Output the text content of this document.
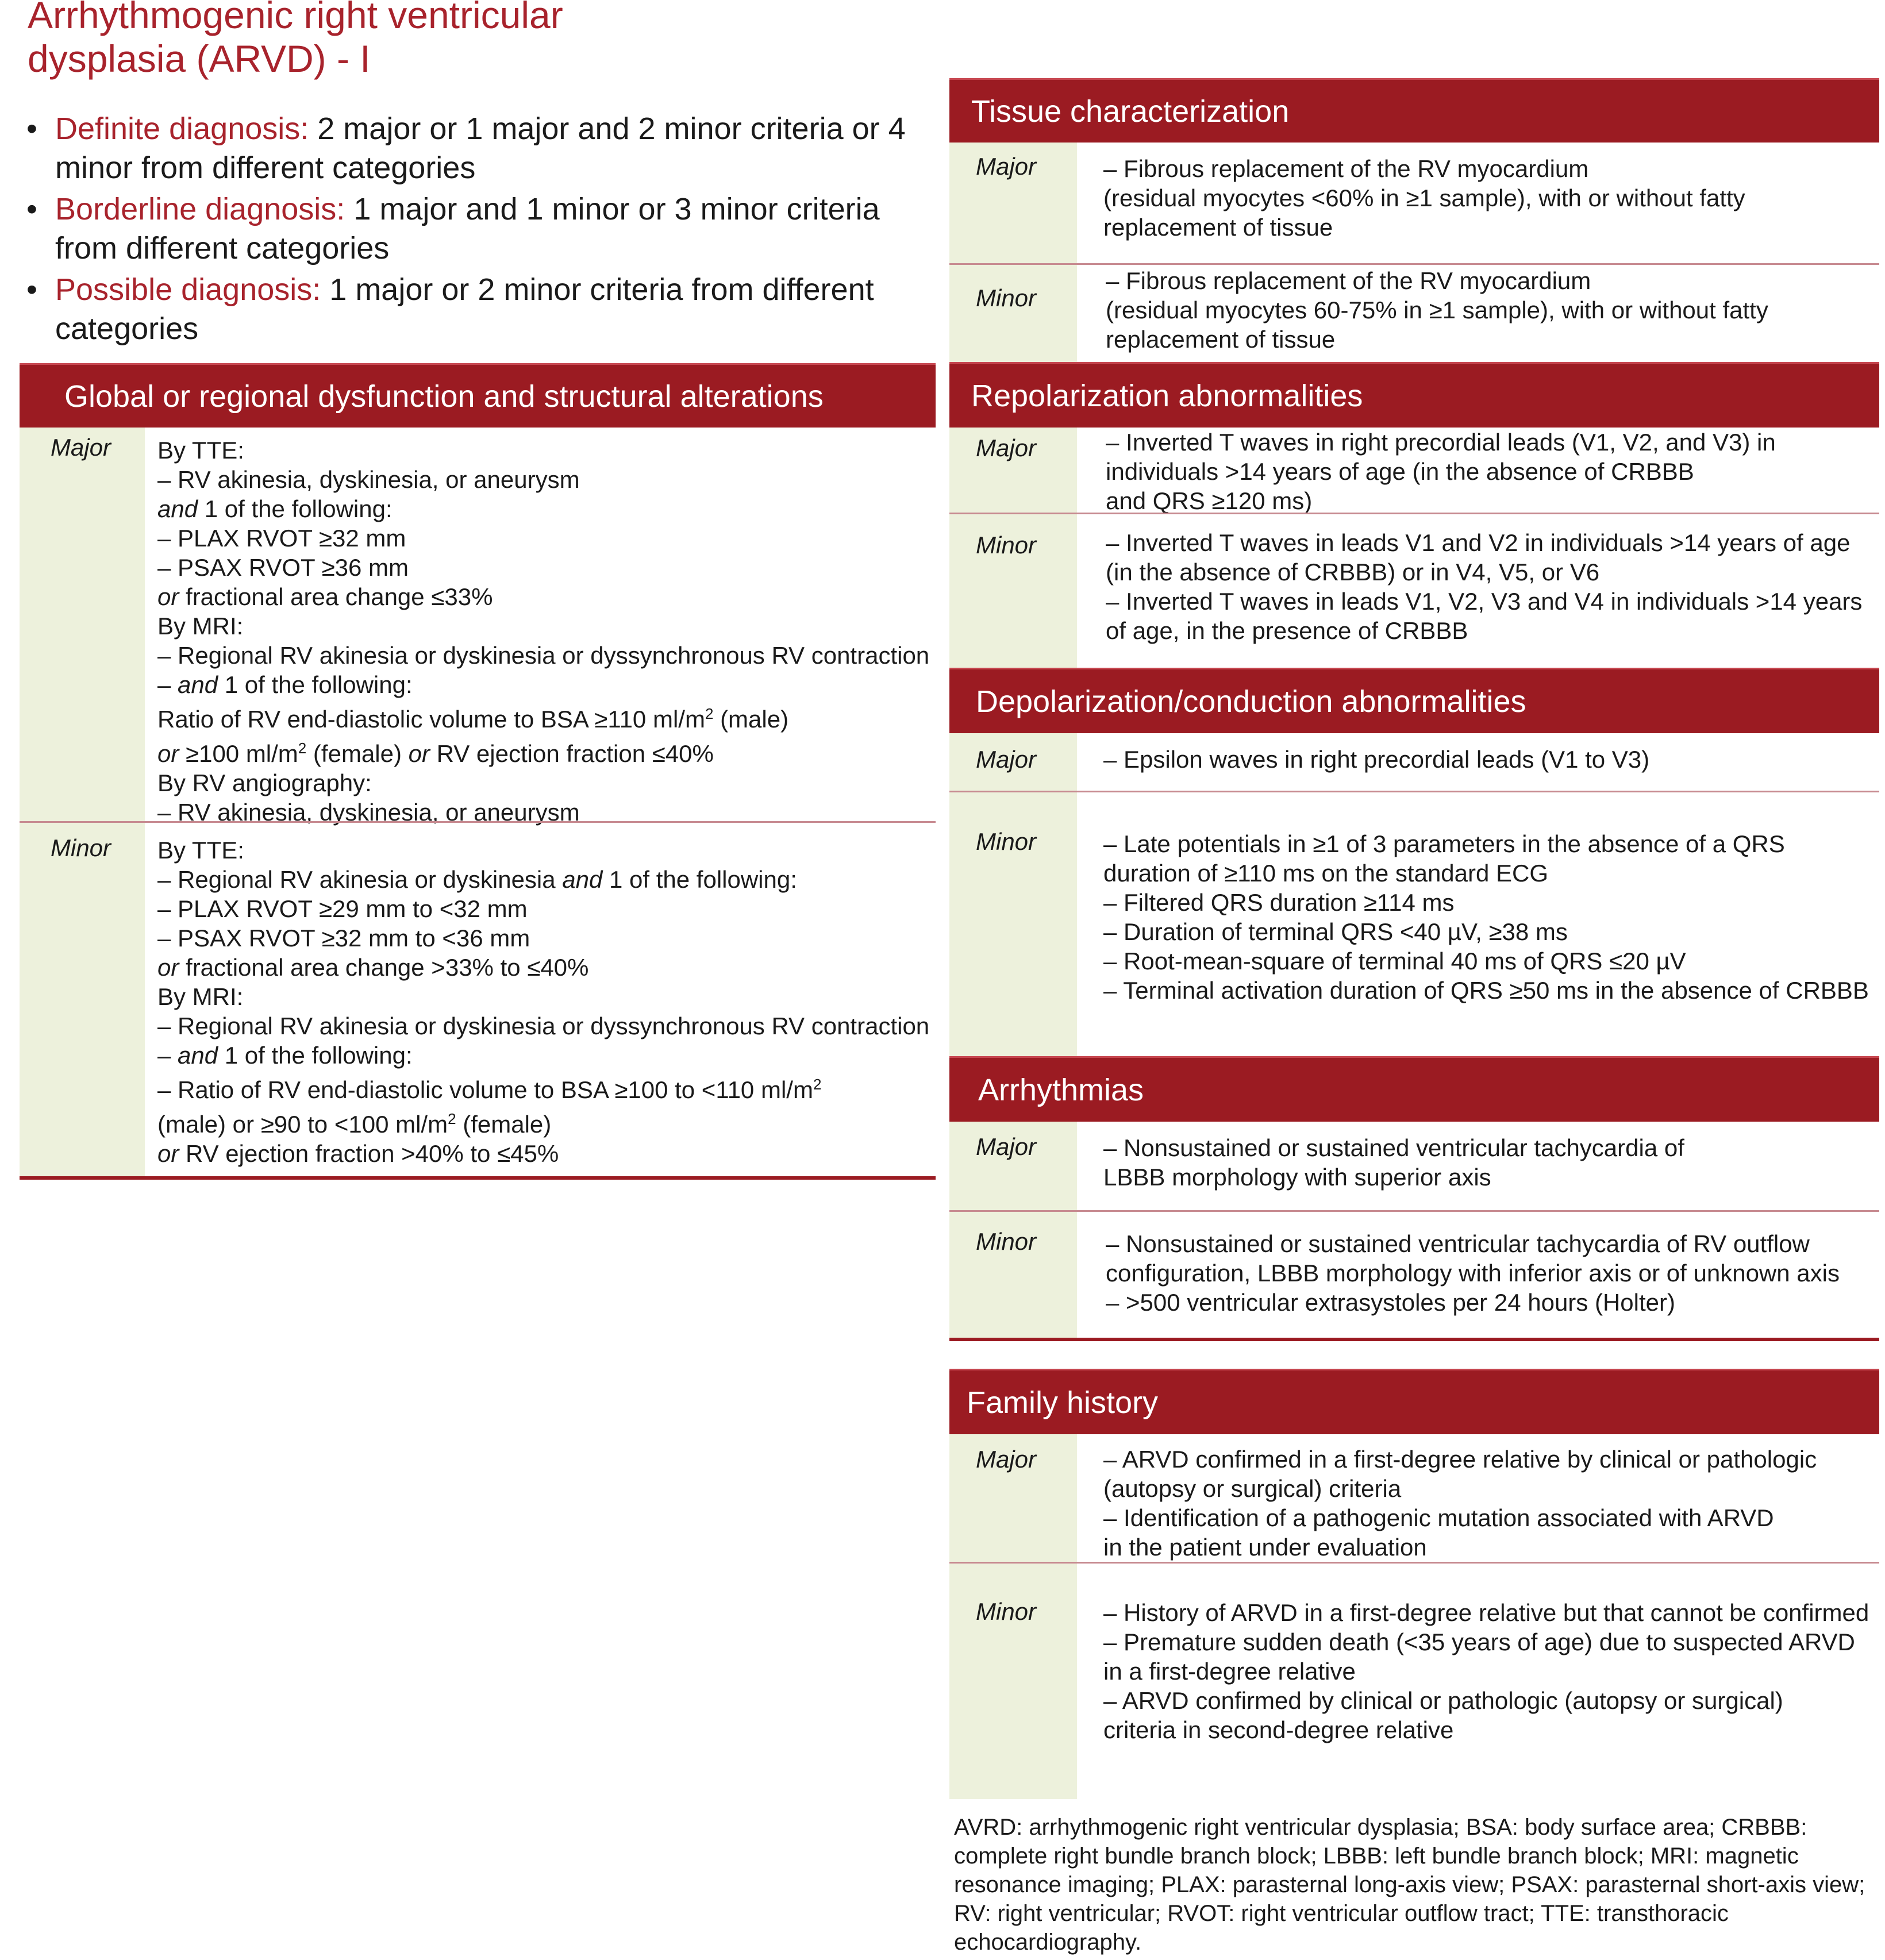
Arrhythmogenic right ventricular
dysplasia (ARVD) - I
• Definite diagnosis: 2 major or 1 major and 2 minor criteria or 4 minor from different categories
• Borderline diagnosis: 1 major and 1 minor or 3 minor criteria from different categories
• Possible diagnosis: 1 major or 2 minor criteria from different categories
Global or regional dysfunction and structural alterations
Major	By TTE:
– RV akinesia, dyskinesia, or aneurysm
and 1 of the following:
– PLAX RVOT ≥32 mm
– PSAX RVOT ≥36 mm
or fractional area change ≤33%
By MRI:
– Regional RV akinesia or dyskinesia or dyssynchronous RV contraction
– and 1 of the following:
Ratio of RV end-diastolic volume to BSA ≥110 $ml/m^2$ (male)
or ≥100 $ml/m^2$ (female) or RV ejection fraction ≤40%
By RV angiography:
– RV akinesia, dyskinesia, or aneurysm
Minor	By TTE:
– Regional RV akinesia or dyskinesia and 1 of the following:
– PLAX RVOT ≥29 mm to <32 mm
– PSAX RVOT ≥32 mm to <36 mm
or fractional area change >33% to ≤40%
By MRI:
– Regional RV akinesia or dyskinesia or dyssynchronous RV contraction
– and 1 of the following:
– Ratio of RV end-diastolic volume to BSA ≥100 to <110 $ml/m^2$
(male) or ≥90 to <100 $ml/m^2$ (female)
or RV ejection fraction >40% to ≤45%
Tissue characterization
Major	– Fibrous replacement of the RV myocardium
(residual myocytes <60% in ≥1 sample), with or without fatty
replacement of tissue
Minor
– Fibrous replacement of the RV myocardium
(residual myocytes 60-75% in ≥1 sample), with or without fatty
replacement of tissue
Repolarization abnormalities
Major	– Inverted T waves in right precordial leads (V1, V2, and V3) in
individuals >14 years of age (in the absence of CRBBB
and QRS ≥120 ms)
Minor	– Inverted T waves in leads V1 and V2 in individuals >14 years of age
(in the absence of CRBBB) or in V4, V5, or V6
– Inverted T waves in leads V1, V2, V3 and V4 in individuals >14 years
of age, in the presence of CRBBB
Depolarization/conduction abnormalities
Major	– Epsilon waves in right precordial leads (V1 to V3)
Minor	– Late potentials in ≥1 of 3 parameters in the absence of a QRS
duration of ≥110 ms on the standard ECG
– Filtered QRS duration ≥114 ms
– Duration of terminal QRS <40 µV, ≥38 ms
– Root-mean-square of terminal 40 ms of QRS ≤20 µV
– Terminal activation duration of QRS ≥50 ms in the absence of CRBBB
Arrhythmias
Major	– Nonsustained or sustained ventricular tachycardia of
LBBB morphology with superior axis
Minor	– Nonsustained or sustained ventricular tachycardia of RV outflow
configuration, LBBB morphology with inferior axis or of unknown axis
– >500 ventricular extrasystoles per 24 hours (Holter)
Family history
Major	– ARVD confirmed in a first-degree relative by clinical or pathologic
(autopsy or surgical) criteria
– Identification of a pathogenic mutation associated with ARVD
in the patient under evaluation
Minor	– History of ARVD in a first-degree relative but that cannot be confirmed
– Premature sudden death (<35 years of age) due to suspected ARVD
in a first-degree relative
– ARVD confirmed by clinical or pathologic (autopsy or surgical)
criteria in second-degree relative
AVRD: arrhythmogenic right ventricular dysplasia; BSA: body surface area; CRBBB: complete right bundle branch block; LBBB: left bundle branch block; MRI: magnetic resonance imaging; PLAX: parasternal long-axis view; PSAX: parasternal short-axis view; RV: right ventricular; RVOT: right ventricular outflow tract; TTE: transthoracic echocardiography.
